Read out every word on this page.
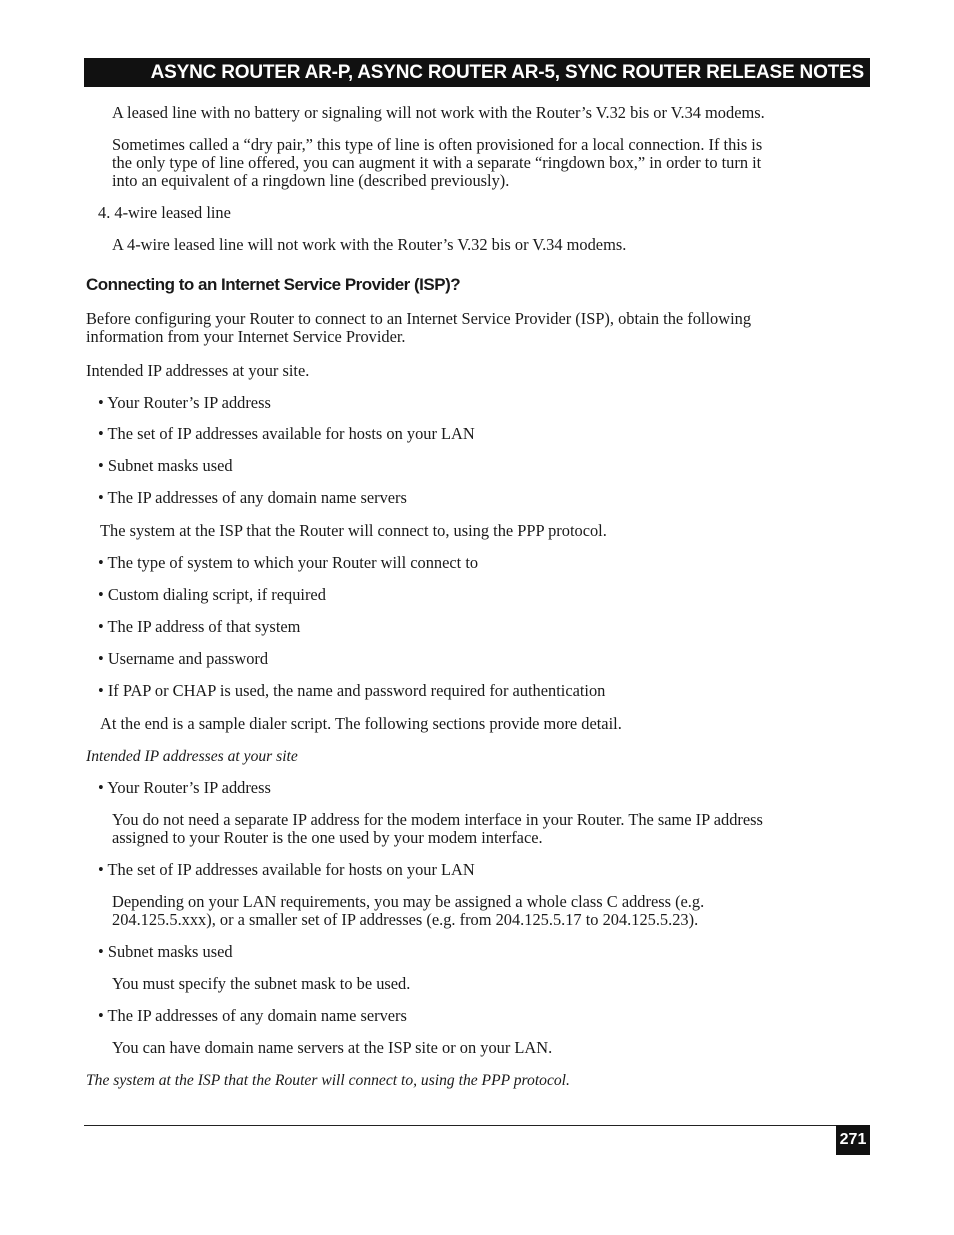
ASYNC ROUTER AR-P, ASYNC ROUTER AR-5, SYNC ROUTER RELEASE NOTES
A leased line with no battery or signaling will not work with the Router’s V.32 bis or V.34 modems.
Sometimes called a “dry pair,” this type of line is often provisioned for a local connection. If this is
the only type of line offered, you can augment it with a separate “ringdown box,” in order to turn it
into an equivalent of a ringdown line (described previously).
4. 4-wire leased line
A 4-wire leased line will not work with the Router’s V.32 bis or V.34 modems.
Connecting to an Internet Service Provider (ISP)?
Before configuring your Router to connect to an Internet Service Provider (ISP), obtain the following
information from your Internet Service Provider.
Intended IP addresses at your site.
• Your Router’s IP address
• The set of IP addresses available for hosts on your LAN
• Subnet masks used
• The IP addresses of any domain name servers
The system at the ISP that the Router will connect to, using the PPP protocol.
• The type of system to which your Router will connect to
• Custom dialing script, if required
• The IP address of that system
• Username and password
• If PAP or CHAP is used, the name and password required for authentication
At the end is a sample dialer script. The following sections provide more detail.
Intended IP addresses at your site
• Your Router’s IP address
You do not need a separate IP address for the modem interface in your Router. The same IP address
assigned to your Router is the one used by your modem interface.
• The set of IP addresses available for hosts on your LAN
Depending on your LAN requirements, you may be assigned a whole class C address (e.g.
204.125.5.xxx), or a smaller set of IP addresses (e.g. from 204.125.5.17 to 204.125.5.23).
• Subnet masks used
You must specify the subnet mask to be used.
• The IP addresses of any domain name servers
You can have domain name servers at the ISP site or on your LAN.
The system at the ISP that the Router will connect to, using the PPP protocol.
271
